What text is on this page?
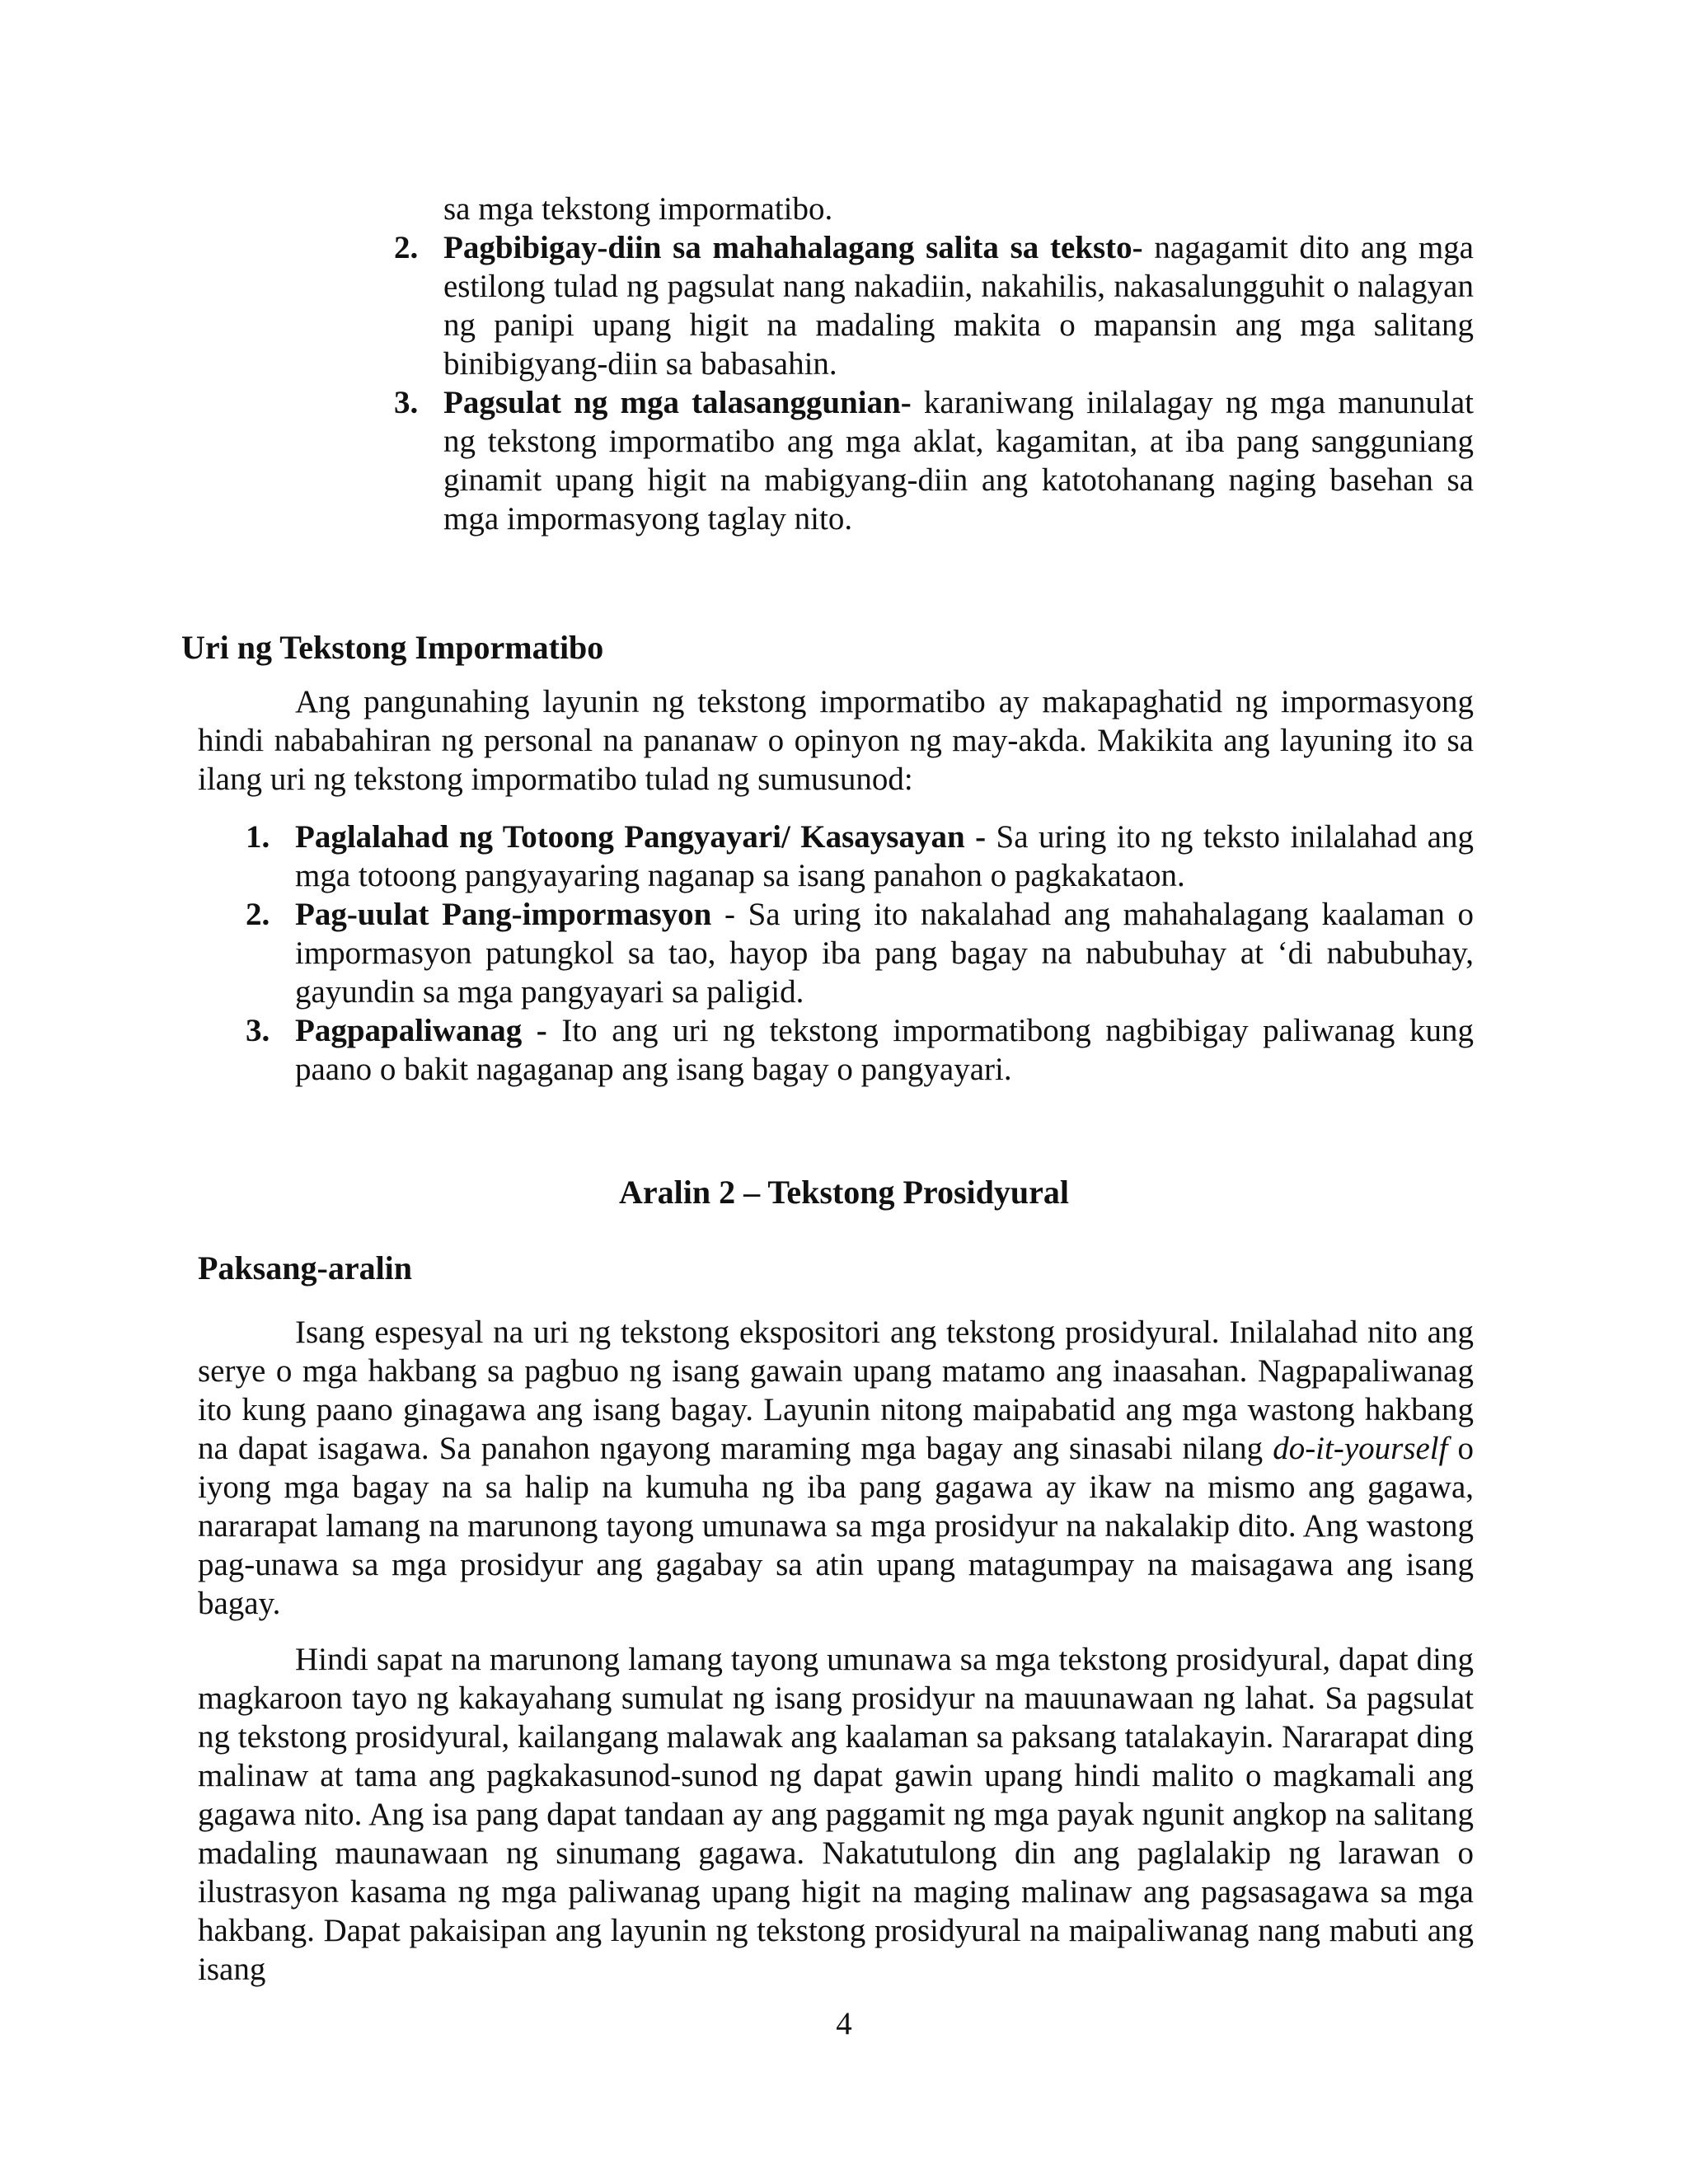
sa mga tekstong impormatibo.

2. Pagbibigay-diin sa mahahalagang salita sa teksto- nagagamit dito ang mga estilong tulad ng pagsulat nang nakadiin, nakahilis, nakasalungguhit o nalagyan ng panipi upang higit na madaling makita o mapansin ang mga salitang binibigyang-diin sa babasahin.

3. Pagsulat ng mga talasanggunian- karaniwang inilalagay ng mga manunulat ng tekstong impormatibo ang mga aklat, kagamitan, at iba pang sangguniang ginamit upang higit na mabigyang-diin ang katotohanang naging basehan sa mga impormasyong taglay nito.

Uri ng Tekstong Impormatibo

Ang pangunahing layunin ng tekstong impormatibo ay makapaghatid ng impormasyong hindi nababahiran ng personal na pananaw o opinyon ng may-akda. Makikita ang layuning ito sa ilang uri ng tekstong impormatibo tulad ng sumusunod:

1. Paglalahad ng Totoong Pangyayari/ Kasaysayan - Sa uring ito ng teksto inilalahad ang mga totoong pangyayaring naganap sa isang panahon o pagkakataon.

2. Pag-uulat Pang-impormasyon - Sa uring ito nakalahad ang mahahalagang kaalaman o impormasyon patungkol sa tao, hayop iba pang bagay na nabubuhay at ‘di nabubuhay, gayundin sa mga pangyayari sa paligid.

3. Pagpapaliwanag - Ito ang uri ng tekstong impormatibong nagbibigay paliwanag kung paano o bakit nagaganap ang isang bagay o pangyayari.

Aralin 2 – Tekstong Prosidyural
Paksang-aralin

Isang espesyal na uri ng tekstong ekspositori ang tekstong prosidyural. Inilalahad nito ang serye o mga hakbang sa pagbuo ng isang gawain upang matamo ang inaasahan. Nagpapaliwanag ito kung paano ginagawa ang isang bagay. Layunin nitong maipabatid ang mga wastong hakbang na dapat isagawa. Sa panahon ngayong maraming mga bagay ang sinasabi nilang do-it-yourself o iyong mga bagay na sa halip na kumuha ng iba pang gagawa ay ikaw na mismo ang gagawa, nararapat lamang na marunong tayong umunawa sa mga prosidyur na nakalakip dito. Ang wastong pag-unawa sa mga prosidyur ang gagabay sa atin upang matagumpay na maisagawa ang isang bagay.

Hindi sapat na marunong lamang tayong umunawa sa mga tekstong prosidyural, dapat ding magkaroon tayo ng kakayahang sumulat ng isang prosidyur na mauunawaan ng lahat. Sa pagsulat ng tekstong prosidyural, kailangang malawak ang kaalaman sa paksang tatalakayin. Nararapat ding malinaw at tama ang pagkakasunod-sunod ng dapat gawin upang hindi malito o magkamali ang gagawa nito. Ang isa pang dapat tandaan ay ang paggamit ng mga payak ngunit angkop na salitang madaling maunawaan ng sinumang gagawa. Nakatutulong din ang paglalakip ng larawan o ilustrasyon kasama ng mga paliwanag upang higit na maging malinaw ang pagsasagawa sa mga hakbang. Dapat pakaisipan ang layunin ng tekstong prosidyural na maipaliwanag nang mabuti ang isang

4
